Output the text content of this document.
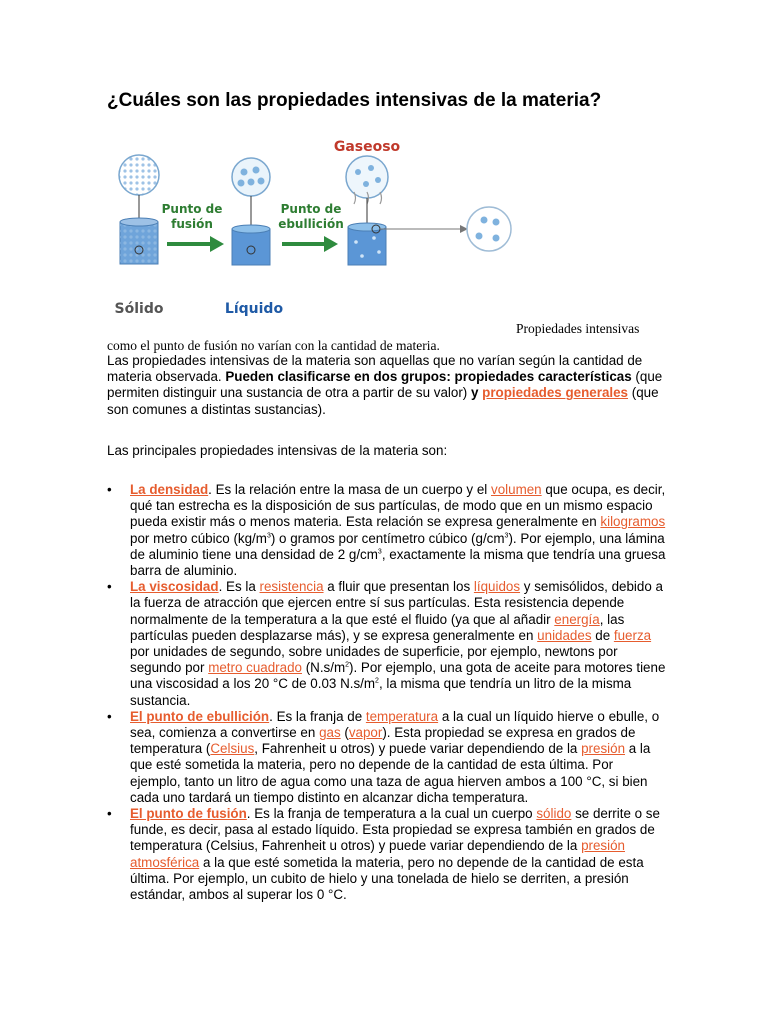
¿Cuáles son las propiedades intensivas de la materia?
Gaseoso
Punto de
fusión
Punto de
ebullición
Sólido	Líquido
Propiedades intensivas
como el punto de fusión no varían con la cantidad de materia.
Las propiedades intensivas de la materia son aquellas que no varían según la cantidad de materia observada. Pueden clasificarse en dos grupos: propiedades características (que permiten distinguir una sustancia de otra a partir de su valor) y propiedades generales (que son comunes a distintas sustancias).
Las principales propiedades intensivas de la materia son:
• La densidad. Es la relación entre la masa de un cuerpo y el volumen que ocupa, es decir, qué tan estrecha es la disposición de sus partículas, de modo que en un mismo espacio pueda existir más o menos materia. Esta relación se expresa generalmente en kilogramos por metro cúbico $(kg/m^3)$ o gramos por centímetro cúbico $(g/cm^3)$. Por ejemplo, una lámina de aluminio tiene una densidad de 2 $g/cm^3$, exactamente la misma que tendría una gruesa barra de aluminio.
• La viscosidad. Es la resistencia a fluir que presentan los líquidos y semisólidos, debido a la fuerza de atracción que ejercen entre sí sus partículas. Esta resistencia depende normalmente de la temperatura a la que esté el fluido (ya que al añadir energía, las partículas pueden desplazarse más), y se expresa generalmente en unidades de fuerza por unidades de segundo, sobre unidades de superficie, por ejemplo, newtons por segundo por metro cuadrado $(N.s/m^2)$. Por ejemplo, una gota de aceite para motores tiene una viscosidad a los 20 °C de 0.03 $N.s/m^2$, la misma que tendría un litro de la misma sustancia.
• El punto de ebullición. Es la franja de temperatura a la cual un líquido hierve o ebulle, o sea, comienza a convertirse en gas (vapor). Esta propiedad se expresa en grados de temperatura (Celsius, Fahrenheit u otros) y puede variar dependiendo de la presión a la que esté sometida la materia, pero no depende de la cantidad de esta última. Por ejemplo, tanto un litro de agua como una taza de agua hierven ambos a 100 °C, si bien cada uno tardará un tiempo distinto en alcanzar dicha temperatura.
• El punto de fusión. Es la franja de temperatura a la cual un cuerpo sólido se derrite o se funde, es decir, pasa al estado líquido. Esta propiedad se expresa también en grados de temperatura (Celsius, Fahrenheit u otros) y puede variar dependiendo de la presión atmosférica a la que esté sometida la materia, pero no depende de la cantidad de esta última. Por ejemplo, un cubito de hielo y una tonelada de hielo se derriten, a presión estándar, ambos al superar los 0 °C.
